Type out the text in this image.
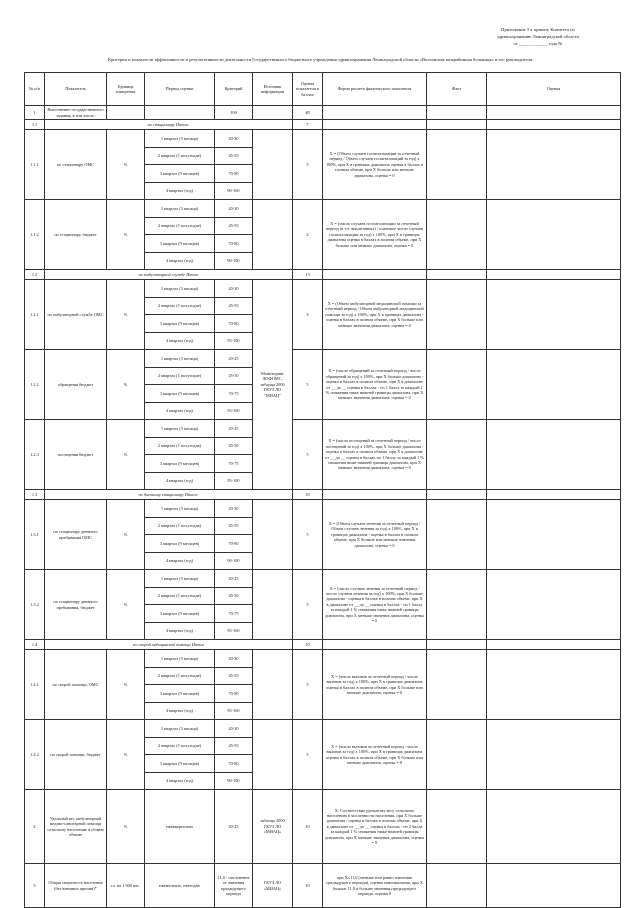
Приложение 5 к приказу Комитета по
здравоохранению Ленинградской области
от ______ ______ года №
Критерии и показатели эффективности и результативности деятельности Государственного бюджетного учреждения здравоохранения Ленинградской области «Волховская межрайонная больница» и его руководителя
№ п/п	Показатель	Единица измерения	Период оценки	Критерий	Источник информации	Оценка показателя в баллах	Форма расчета фактического показателя	Факт	Оценка
1	Выполнение государственного задания, в том числе:			100		40			
1.1	по стационару Итого:					7			
1.1.1	по стационару ОМС	%	1 квартал (3 месяца)	20-30		5	X = (Объем случаев госпитализации за отчетный период / Объем случаев госпитализаций за год) x 100%, при X в границах диапазона оценка в баллах в полном объеме, при X больше или меньше диапазона, оценка = 0		
			2 квартал (1 полугодие)	45-55					
			3 квартал (9 месяцев)	70-80					
			4 квартал (год)	90-100					
1.1.2	по стационару, бюджет	%	1 квартал (3 месяца)	20-30		2	X = (число случаев госпитализации за отчетный период (в т.ч. выписанных) / плановое число случаев госпитализации за год) x 100%, при X в границах диапазона оценка в баллах в полном объеме, при X больше или меньше диапазона, оценка = 0		
			2 квартал (1 полугодие)	45-55					
			3 квартал (9 месяцев)	70-80					
			4 квартал (год)	90-100					
1.2	по амбулаторной службе Итого					13			
1.2.1	по амбулаторной службе ОМС	%	1 квартал (3 месяца)	20-30	Мониторинг ЛОФОМС, таблица 2000 ГКУЗ ЛО "МИАЦ"	3	X = (Объем амбулаторной медицинской помощи за отчетный период / Объем амбулаторной медицинской помощи за год) x 100%, при X в границах диапазона - оценка в баллах в полном объеме, при X больше или меньше значения диапазона, оценка = 0		
			2 квартал (1 полугодие)	45-55					
			3 квартал (9 месяцев)	70-80					
			4 квартал (год)	95-100					
1.2.2	обращения бюджет	%	1 квартал (3 месяца)	20-25		5	X = (число обращений за отчетный период / число обращений за год) x 100%, при X больше диапазона - оценка в баллах в полном объеме, при X в диапазоне от __ до __ оценка в баллах - по 1 баллу за каждый 1 % снижения ниже нижней границы диапазона, при X меньше значения диапазона, оценка = 0		
			2 квартал (1 полугодие)	45-50					
			3 квартал (9 месяцев)	70-75					
			4 квартал (год)	95-100					
1.2.3	посещения бюджет	%	1 квартал (3 месяца)	20-25		5	X = (число посещений за отчетный период / число посещений за год) x 100%, при X больше диапазона - оценка в баллах в полном объеме, при X в диапазоне от __ до __ оценка в баллах по 1 баллу за каждый 1 % снижения ниже нижней границы диапазона, при X меньше значения диапазона, оценка = 0		
			2 квартал (1 полугодие)	45-50					
			3 квартал (9 месяцев)	70-75					
			4 квартал (год)	95-100					
1.3	по дневному стационару Итого:					10			
1.3.1	по стационару дневного пребывания ОМС	%	1 квартал (3 месяца)	20-30		5	X = (Объем случаев лечения за отчетный период / Объем случаев лечения за год) x 100%, при X в границах диапазона - оценка в баллах в полном объеме, при X больше или меньше значения диапазона, оценка = 0		
			2 квартал (1 полугодие)	45-55					
			3 квартал (9 месяцев)	70-80					
			4 квартал (год)	90-100					
1.3.2	по стационару дневного пребывания, бюджет	%	1 квартал (3 месяца)	20-25		5	X = (число случаев лечения за отчетный период / число случаев лечения за год) x 100%, при X больше диапазона - оценка в баллах в полном объеме, при X в диапазоне от __ до __ оценка в баллах - по 1 баллу за каждый 1 % снижения ниже нижней границы диапазона, при X меньше значения диапазона, оценка = 0		
			2 квартал (1 полугодие)	45-50					
			3 квартал (9 месяцев)	70-75					
			4 квартал (год)	95-100					
1.4	по скорой медицинской помощи Итого					10			
1.4.1	по скорой помощи, ОМС	%	1 квартал (3 месяца)	20-30		5	X = (число вызовов за отчетный период / число вызовов за год) x 100%, при X в границах диапазона оценка в баллах в полном объеме, при X больше или меньше диапазона, оценка = 0		
			2 квартал (1 полугодие)	45-55					
			3 квартал (9 месяцев)	70-80					
			4 квартал (год)	95-100					
1.4.2	по скорой помощи, бюджет	%	1 квартал (3 месяца)	20-30		5	X = (число вызовов за отчетный период / число вызовов за год) x 100%, при X в границах диапазона оценка в баллах в полном объеме, при X больше или меньше диапазона, оценка = 0		
			2 квартал (1 полугодие)	45-55					
			3 квартал (9 месяцев)	70-80					
			4 квартал (год)	90-100					
2	Удельный вес амбулаторной медико-санитарной помощи сельскому населению в общем объеме	%	ежеквартально	20-25	таблица 2000 ГКУЗ ЛО «МИАЦ»	10	X: Соответствие удельному весу сельскому населению в численности населения, при X больше диапазона - оценка в баллах в полном объеме, при X в диапазоне от __ до __ оценка в баллах - по 2 балла за каждый 1 % снижения ниже нижней границы диапазона, при X меньше значения диапазона, оценка = 0		
3	Общая смертность населения (без внешних причин)*	сл. на 1 000 нас.	ежемесячно, ежегодно	11,0 - отклонение от значения предыдущего периода	ГКУЗ ЛО «МИАЦ»	10	при X≤11,0 (меньше или равно значению предыдущего периода), оценка максимальная, при X больше 11,0 и больше значения предыдущего периода, оценка 0		
